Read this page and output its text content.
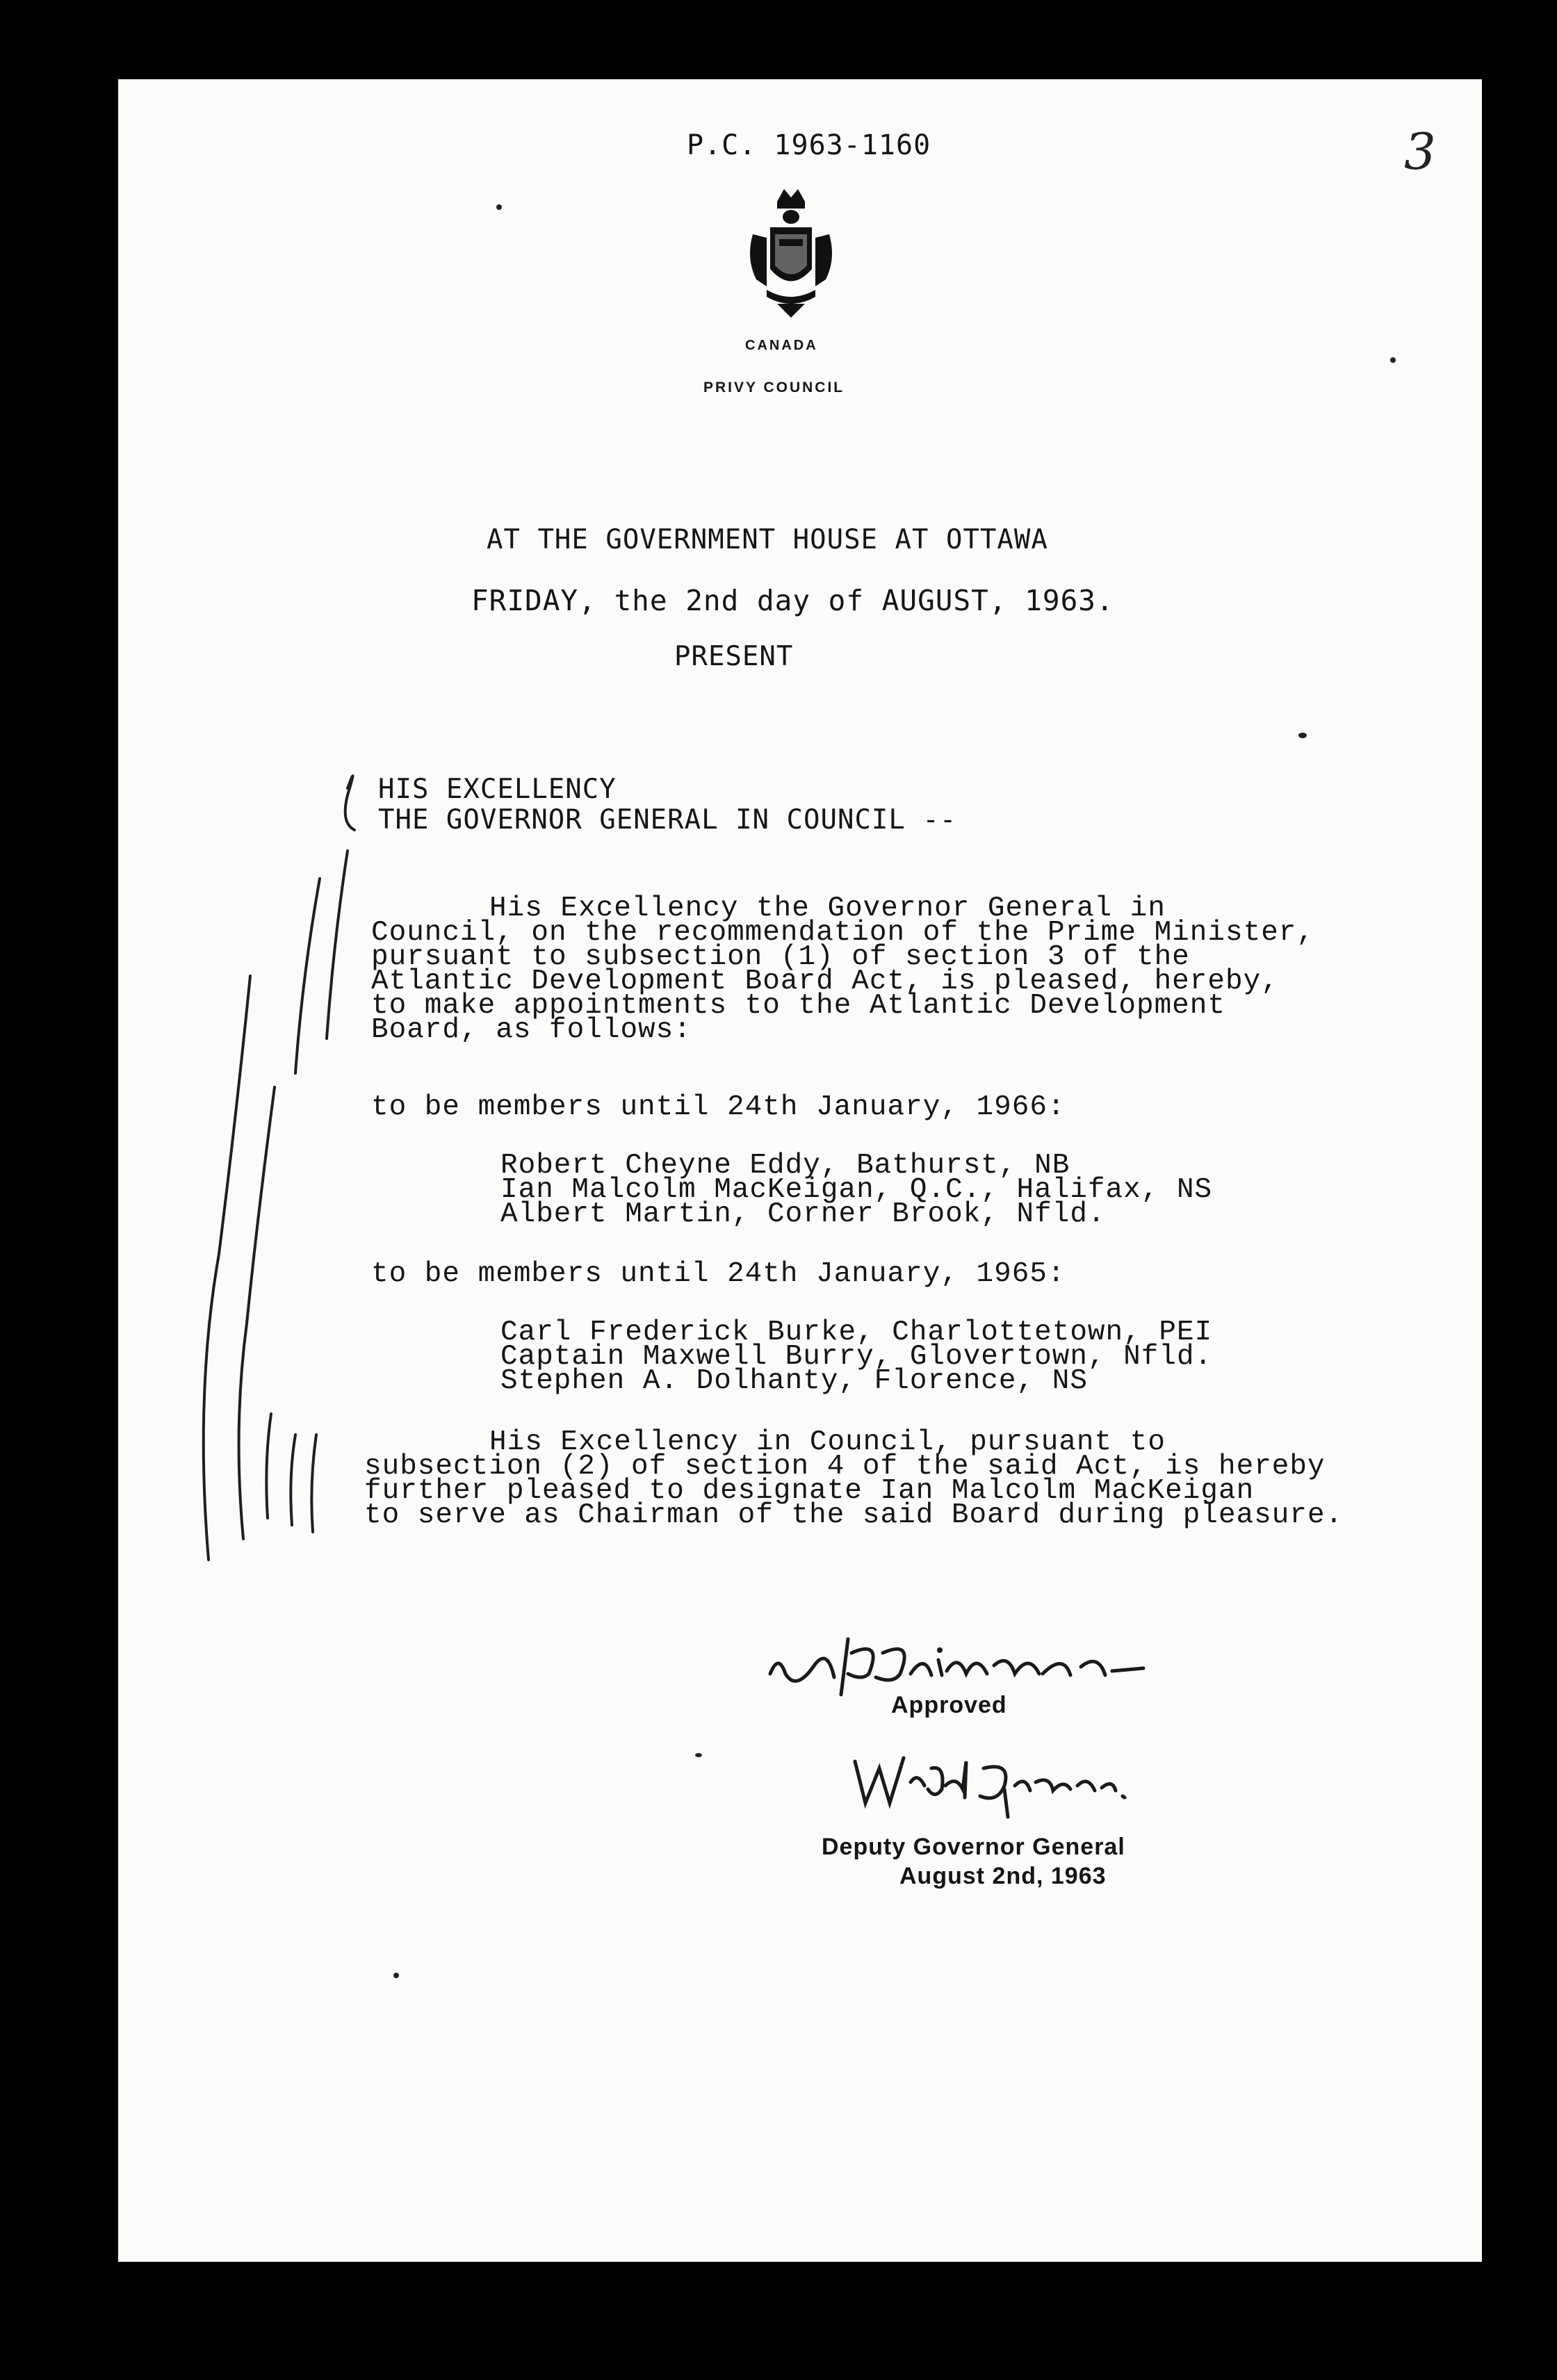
P.C. 1963-1160	3
CANADA
PRIVY COUNCIL
AT THE GOVERNMENT HOUSE AT OTTAWA
FRIDAY, the 2nd day of AUGUST, 1963.
PRESENT
HIS EXCELLENCY
THE GOVERNOR GENERAL IN COUNCIL --
His Excellency the Governor General in
Council, on the recommendation of the Prime Minister,
pursuant to subsection (1) of section 3 of the
Atlantic Development Board Act, is pleased, hereby,
to make appointments to the Atlantic Development
Board, as follows:
to be members until 24th January, 1966:
Robert Cheyne Eddy, Bathurst, NB
Ian Malcolm MacKeigan, Q.C., Halifax, NS
Albert Martin, Corner Brook, Nfld.
to be members until 24th January, 1965:
Carl Frederick Burke, Charlottetown, PEI
Captain Maxwell Burry, Glovertown, Nfld.
Stephen A. Dolhanty, Florence, NS
His Excellency in Council, pursuant to
subsection (2) of section 4 of the said Act, is hereby
further pleased to designate Ian Malcolm MacKeigan
to serve as Chairman of the said Board during pleasure.
Approved
Deputy Governor General
August 2nd, 1963
